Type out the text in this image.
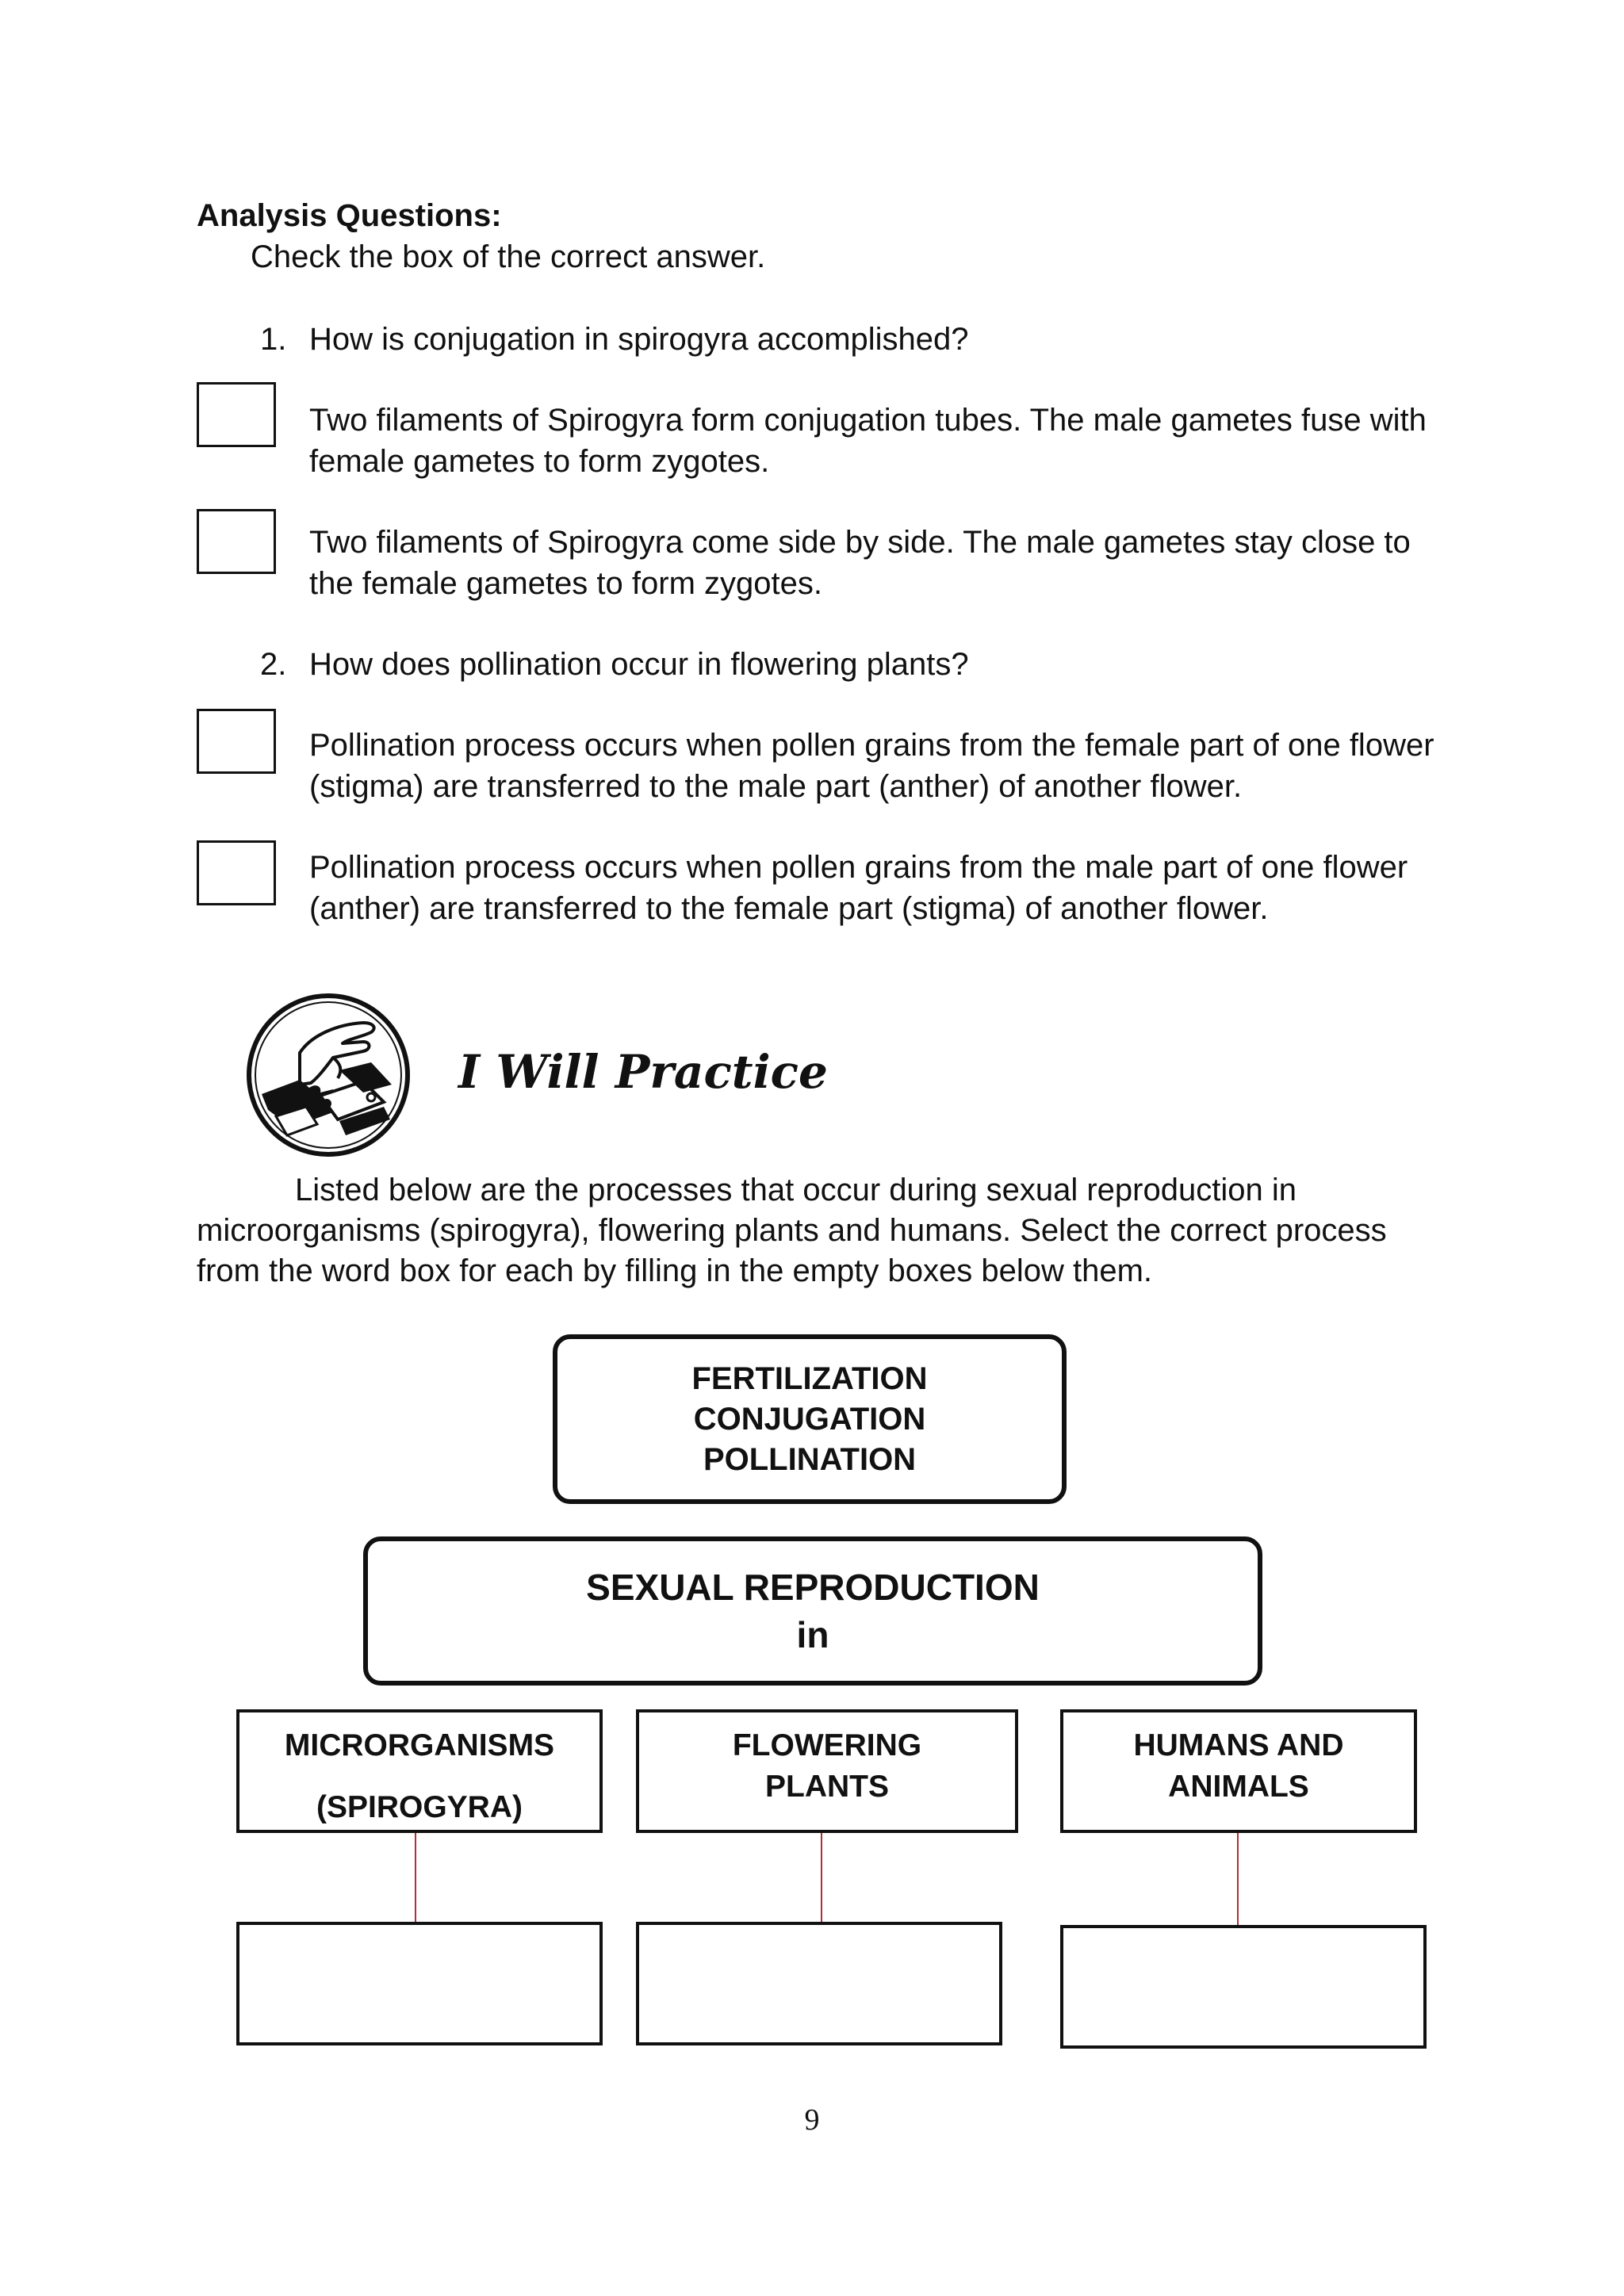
Analysis Questions:
Check the box of the correct answer.
1. How is conjugation in spirogyra accomplished?
Two filaments of Spirogyra form conjugation tubes. The male gametes fuse with female gametes to form zygotes.
Two filaments of Spirogyra come side by side. The male gametes stay close to the female gametes to form zygotes.
2. How does pollination occur in flowering plants?
Pollination process occurs when pollen grains from the female part of one flower (stigma) are transferred to the male part (anther) of another flower.
Pollination process occurs when pollen grains from the male part of one flower (anther) are transferred to the female part (stigma) of another flower.
I Will Practice
Listed below are the processes that occur during sexual reproduction in microorganisms (spirogyra), flowering plants and humans. Select the correct process from the word box for each by filling in the empty boxes below them.
FERTILIZATION
CONJUGATION
POLLINATION
SEXUAL REPRODUCTION
in
MICRORGANISMS
(SPIROGYRA)
FLOWERING
PLANTS
HUMANS AND
ANIMALS
9
